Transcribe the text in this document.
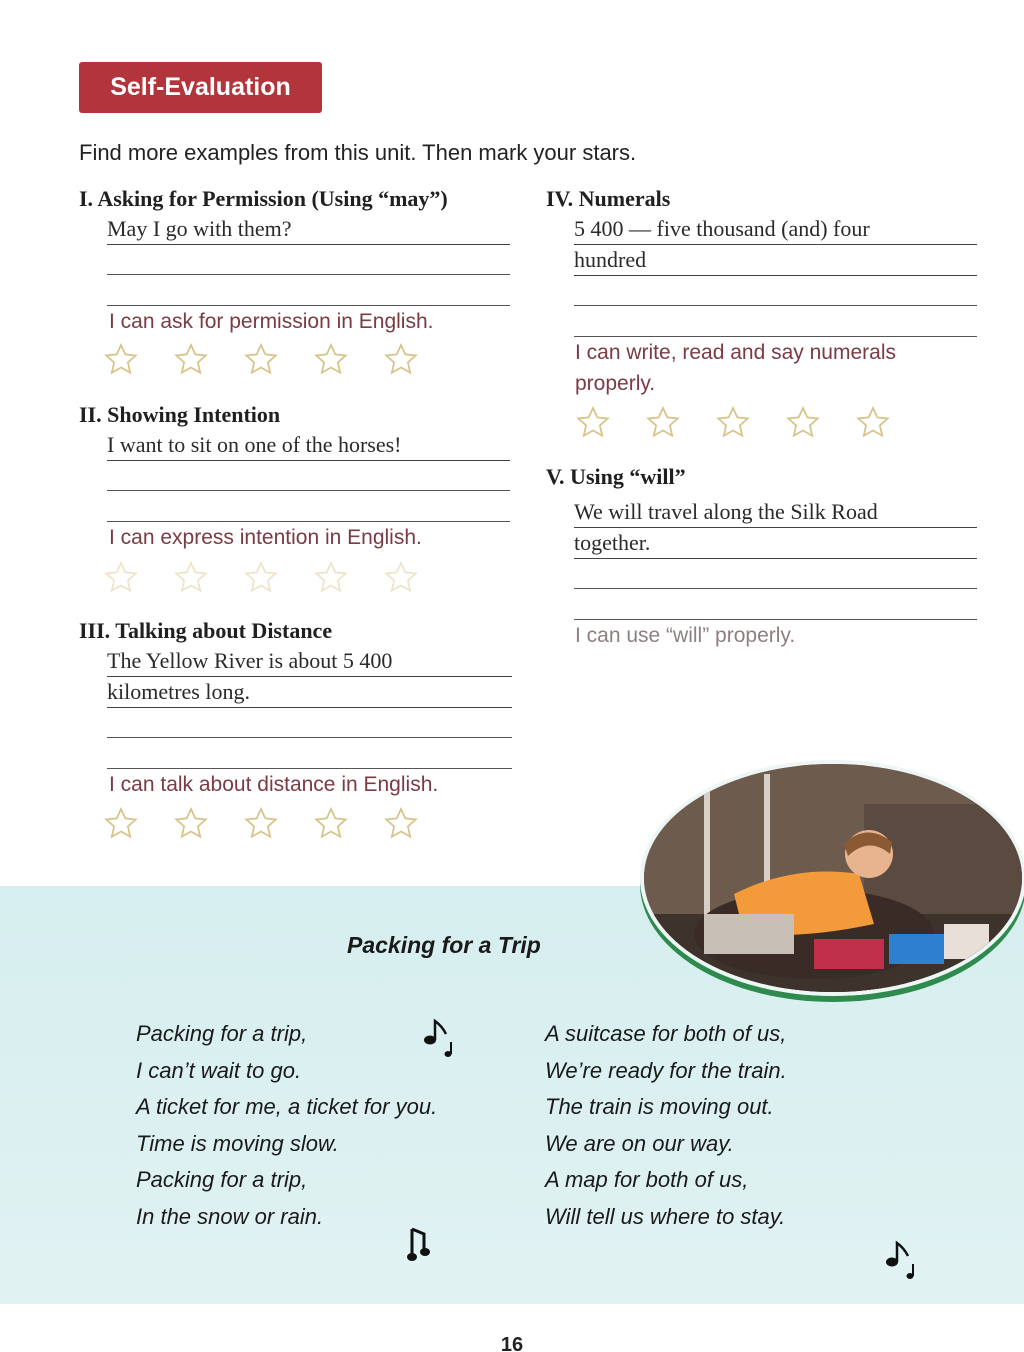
Self-Evaluation
Find more examples from this unit. Then mark your stars.
I. Asking for Permission (Using “may”)
May I go with them?
I can ask for permission in English.
II. Showing Intention
I want to sit on one of the horses!
I can express intention in English.
III. Talking about Distance
The Yellow River is about 5 400
kilometres long.
I can talk about distance in English.
IV. Numerals
5 400 — five thousand (and) four
hundred
I can write, read and say numerals
properly.
V. Using “will”
We will travel along the Silk Road
together.
I can use “will” properly.
Packing for a Trip
Packing for a trip,
I can’t wait to go.
A ticket for me, a ticket for you.
Time is moving slow.
Packing for a trip,
In the snow or rain.
A suitcase for both of us,
We’re ready for the train.
The train is moving out.
We are on our way.
A map for both of us,
Will tell us where to stay.
16
